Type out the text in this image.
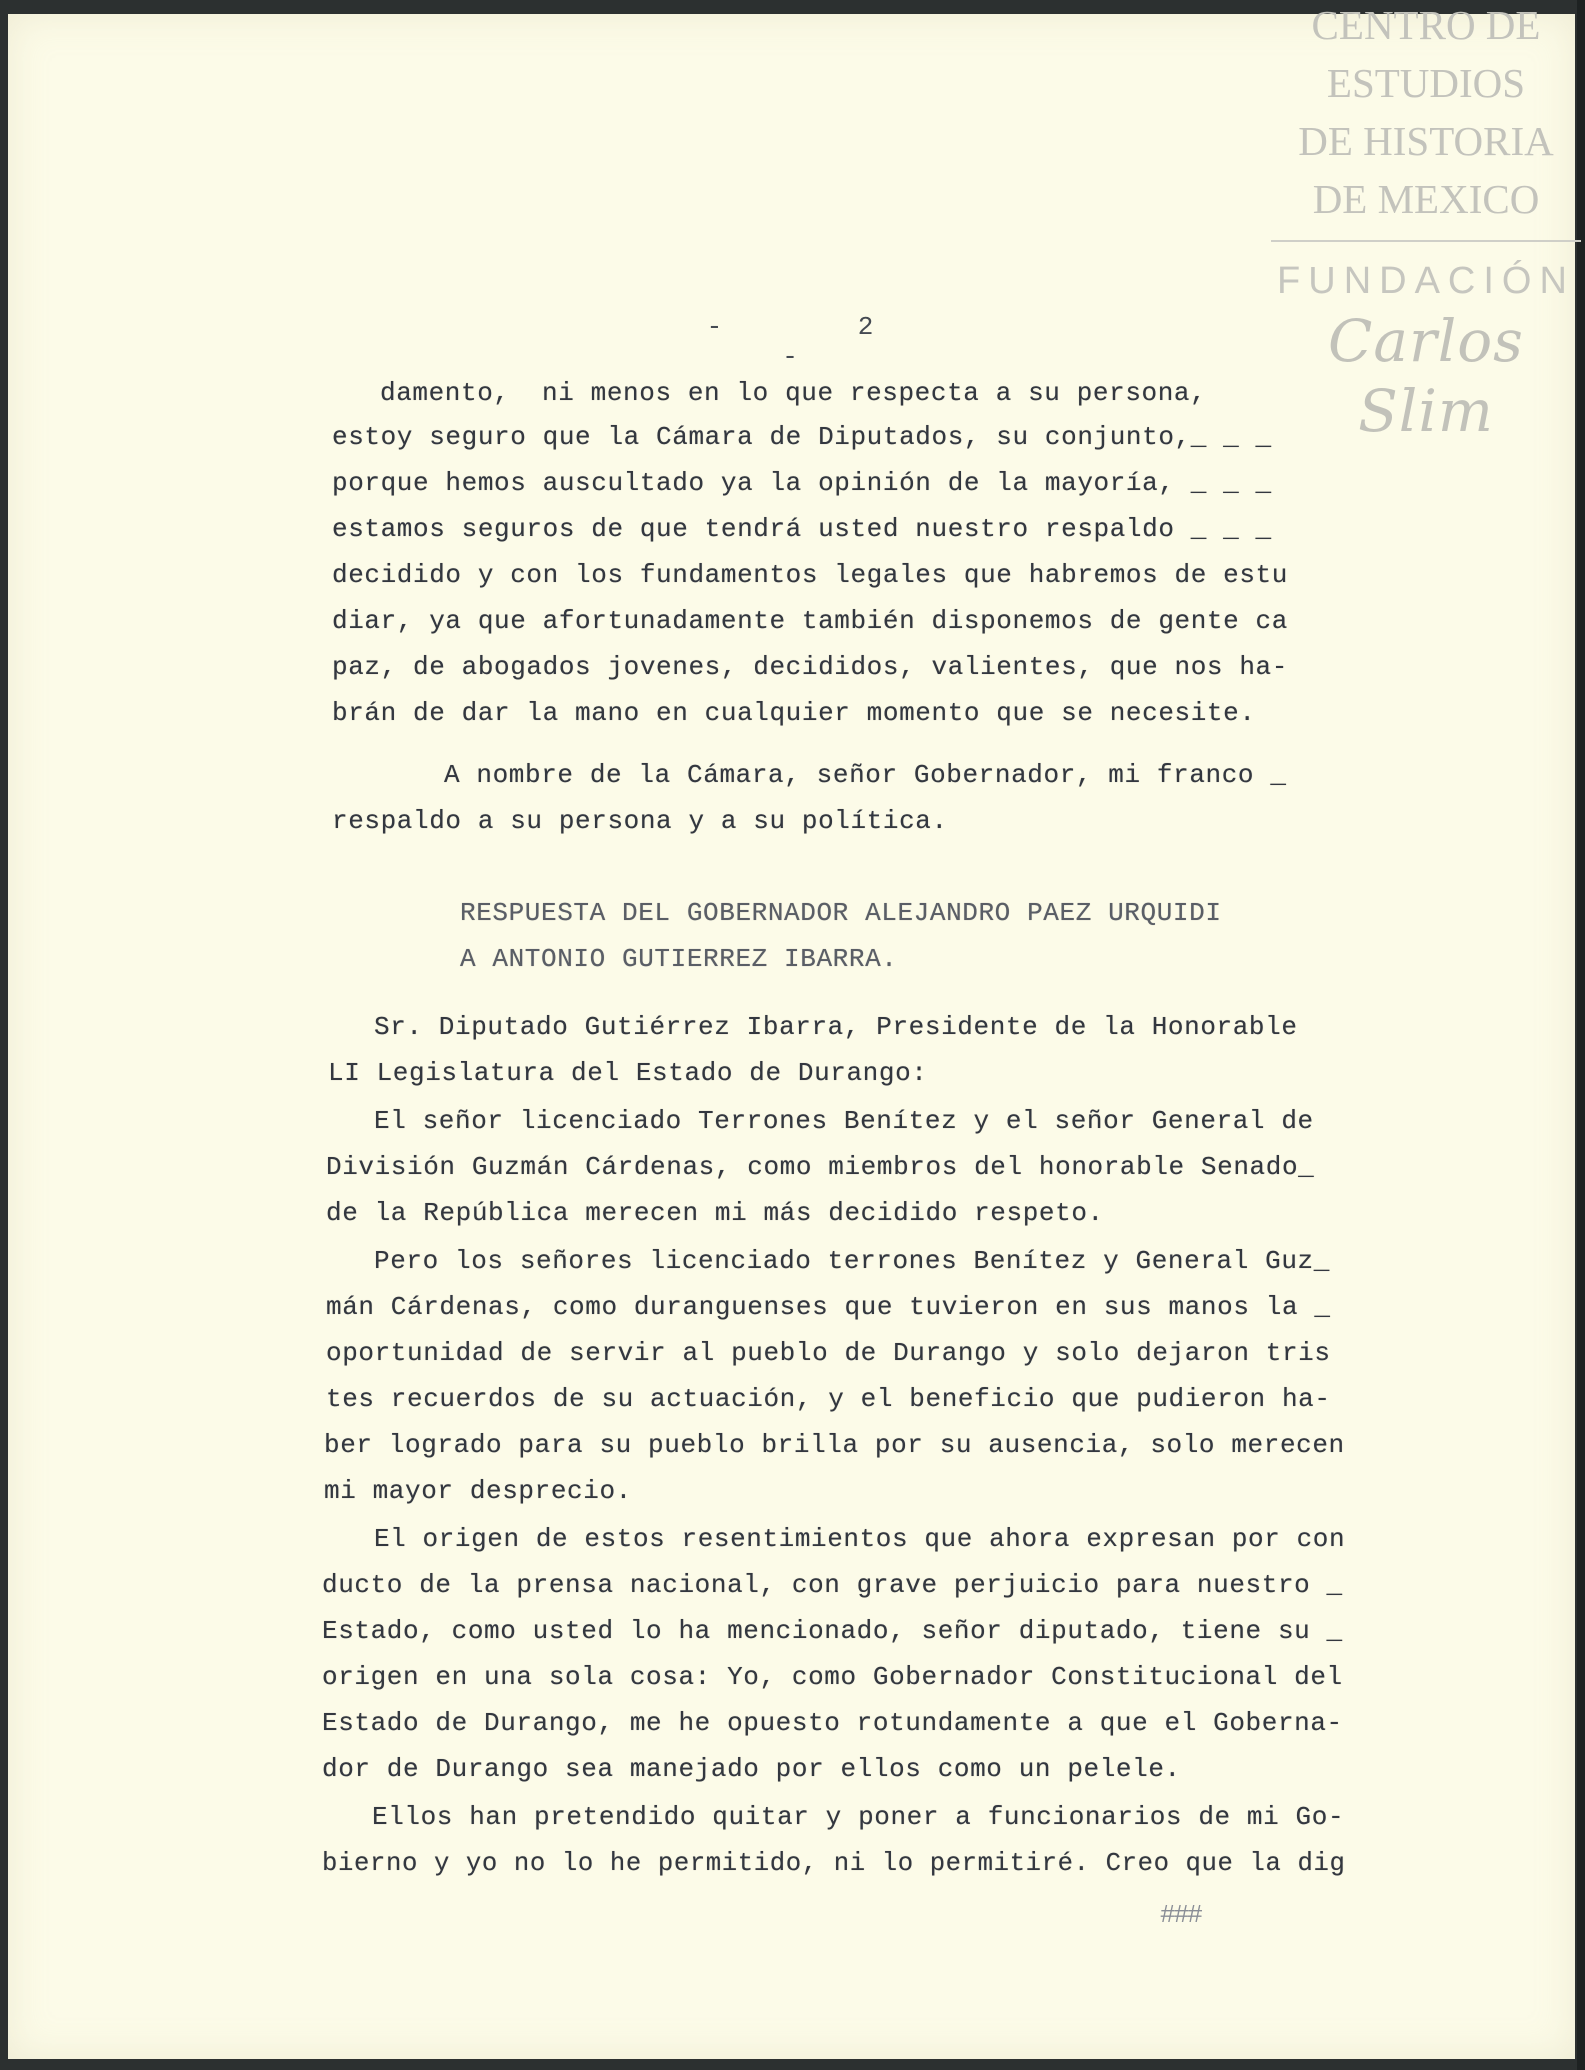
CENTRO DE
ESTUDIOS
DE HISTORIA
DE MEXICO
FUNDACIÓN
Carlos Slim
- 2 -
damento,  ni menos en lo que respecta a su persona,
estoy seguro que la Cámara de Diputados, su conjunto,_ _ _
porque hemos auscultado ya la opinión de la mayoría, _ _ _
estamos seguros de que tendrá usted nuestro respaldo _ _ _
decidido y con los fundamentos legales que habremos de estu
diar, ya que afortunadamente también disponemos de gente ca
paz, de abogados jovenes, decididos, valientes, que nos ha-
brán de dar la mano en cualquier momento que se necesite.
A nombre de la Cámara, señor Gobernador, mi franco _
respaldo a su persona y a su política.
RESPUESTA DEL GOBERNADOR ALEJANDRO PAEZ URQUIDI
A ANTONIO GUTIERREZ IBARRA.
Sr. Diputado Gutiérrez Ibarra, Presidente de la Honorable
LI Legislatura del Estado de Durango:
El señor licenciado Terrones Benítez y el señor General de
División Guzmán Cárdenas, como miembros del honorable Senado_
de la República merecen mi más decidido respeto.
Pero los señores licenciado terrones Benítez y General Guz_
mán Cárdenas, como duranguenses que tuvieron en sus manos la _
oportunidad de servir al pueblo de Durango y solo dejaron tris
tes recuerdos de su actuación, y el beneficio que pudieron ha-
ber logrado para su pueblo brilla por su ausencia, solo merecen
mi mayor desprecio.
El origen de estos resentimientos que ahora expresan por con
ducto de la prensa nacional, con grave perjuicio para nuestro _
Estado, como usted lo ha mencionado, señor diputado, tiene su _
origen en una sola cosa: Yo, como Gobernador Constitucional del
Estado de Durango, me he opuesto rotundamente a que el Goberna-
dor de Durango sea manejado por ellos como un pelele.
Ellos han pretendido quitar y poner a funcionarios de mi Go-
bierno y yo no lo he permitido, ni lo permitiré. Creo que la dig
###
